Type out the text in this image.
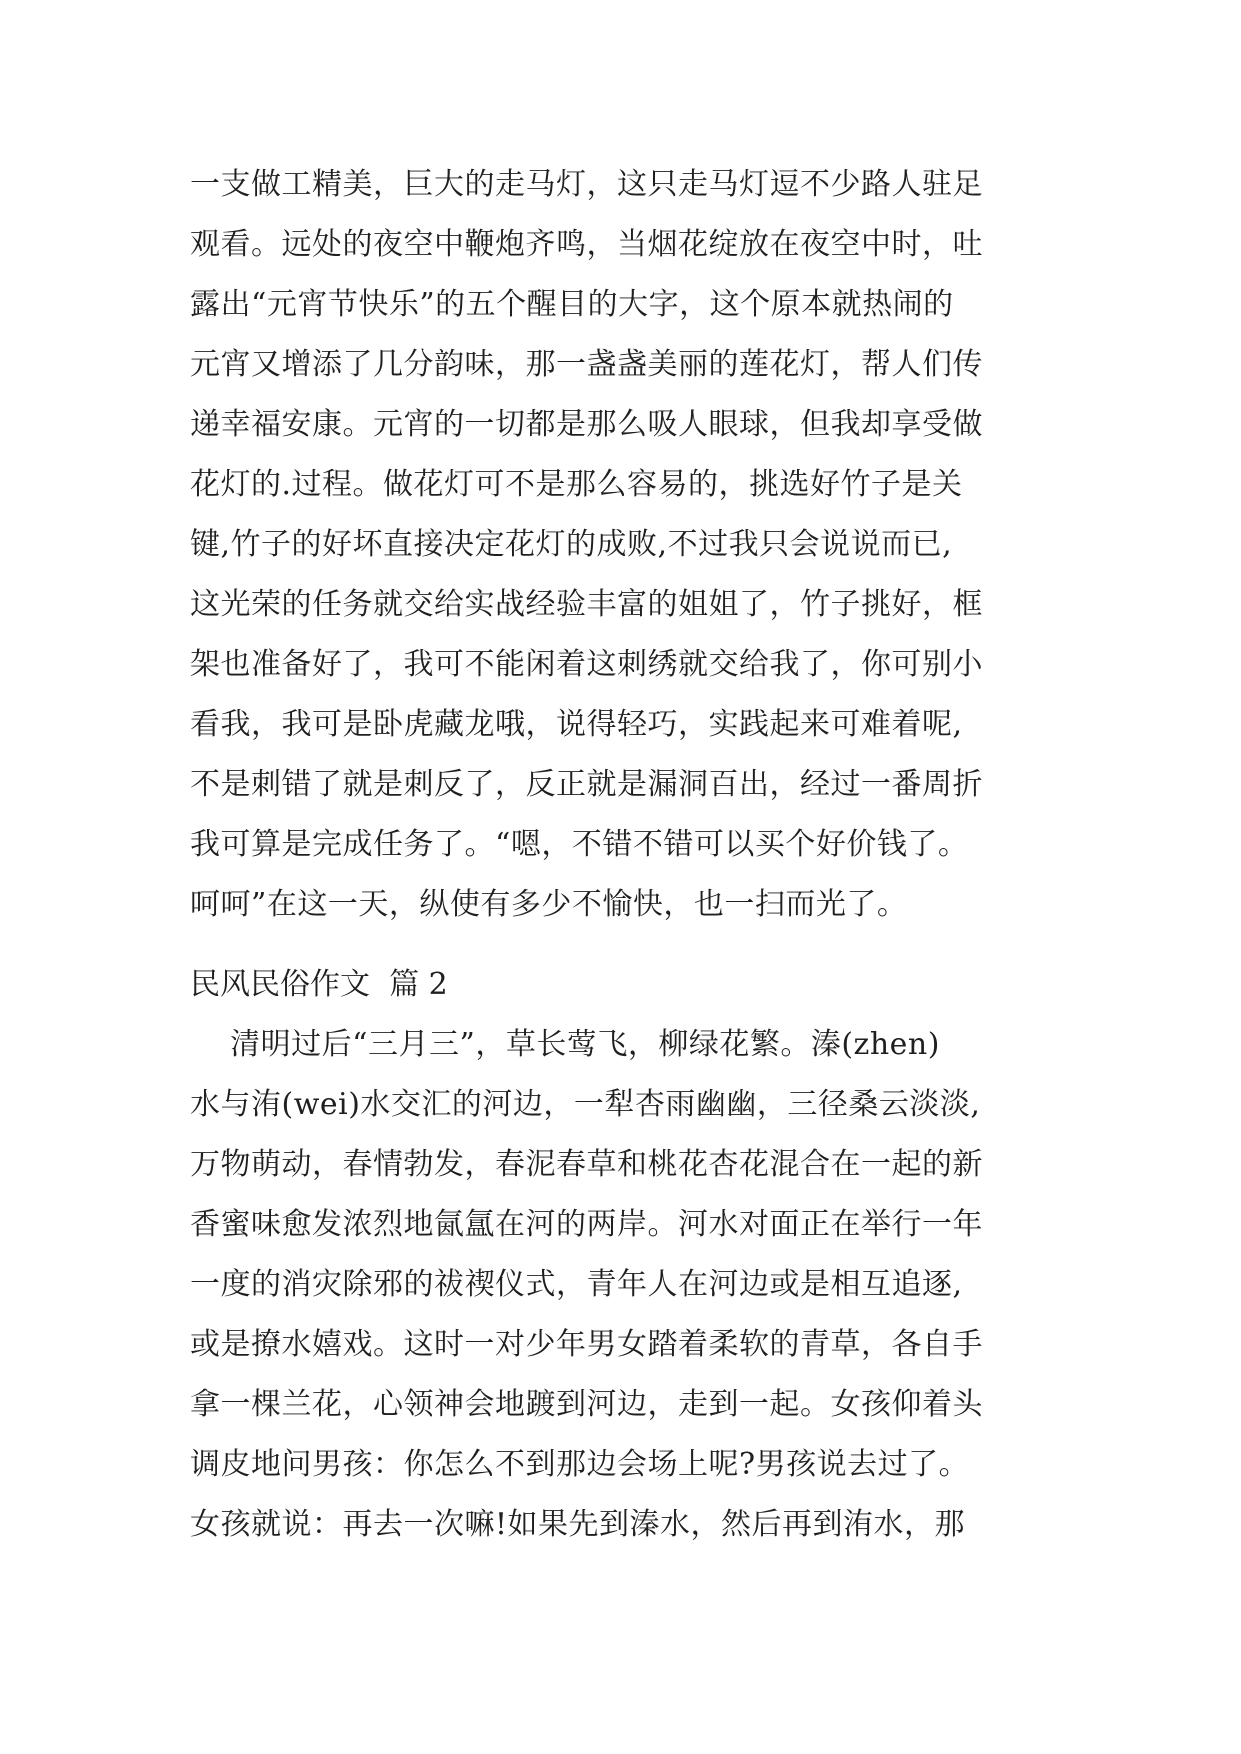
一支做工精美，巨大的走马灯，这只走马灯逗不少路人驻足
观看。远处的夜空中鞭炮齐鸣，当烟花绽放在夜空中时，吐
露出“元宵节快乐”的五个醒目的大字，这个原本就热闹的
元宵又增添了几分韵味，那一盏盏美丽的莲花灯，帮人们传
递幸福安康。元宵的一切都是那么吸人眼球，但我却享受做
花灯的.过程。做花灯可不是那么容易的，挑选好竹子是关
键,竹子的好坏直接决定花灯的成败,不过我只会说说而已,
这光荣的任务就交给实战经验丰富的姐姐了，竹子挑好，框
架也准备好了，我可不能闲着这刺绣就交给我了，你可别小
看我，我可是卧虎藏龙哦，说得轻巧，实践起来可难着呢,
不是刺错了就是刺反了，反正就是漏洞百出，经过一番周折
我可算是完成任务了。“嗯，不错不错可以买个好价钱了。
呵呵”在这一天，纵使有多少不愉快，也一扫而光了。
民风民俗作文  篇 2
清明过后“三月三”，草长莺飞，柳绿花繁。溱(zhen)
水与洧(wei)水交汇的河边，一犁杏雨幽幽，三径桑云淡淡,
万物萌动，春情勃发，春泥春草和桃花杏花混合在一起的新
香蜜味愈发浓烈地氤氲在河的两岸。河水对面正在举行一年
一度的消灾除邪的祓禊仪式，青年人在河边或是相互追逐,
或是撩水嬉戏。这时一对少年男女踏着柔软的青草，各自手
拿一棵兰花，心领神会地踱到河边，走到一起。女孩仰着头
调皮地问男孩：你怎么不到那边会场上呢?男孩说去过了。
女孩就说：再去一次嘛!如果先到溱水，然后再到洧水，那
